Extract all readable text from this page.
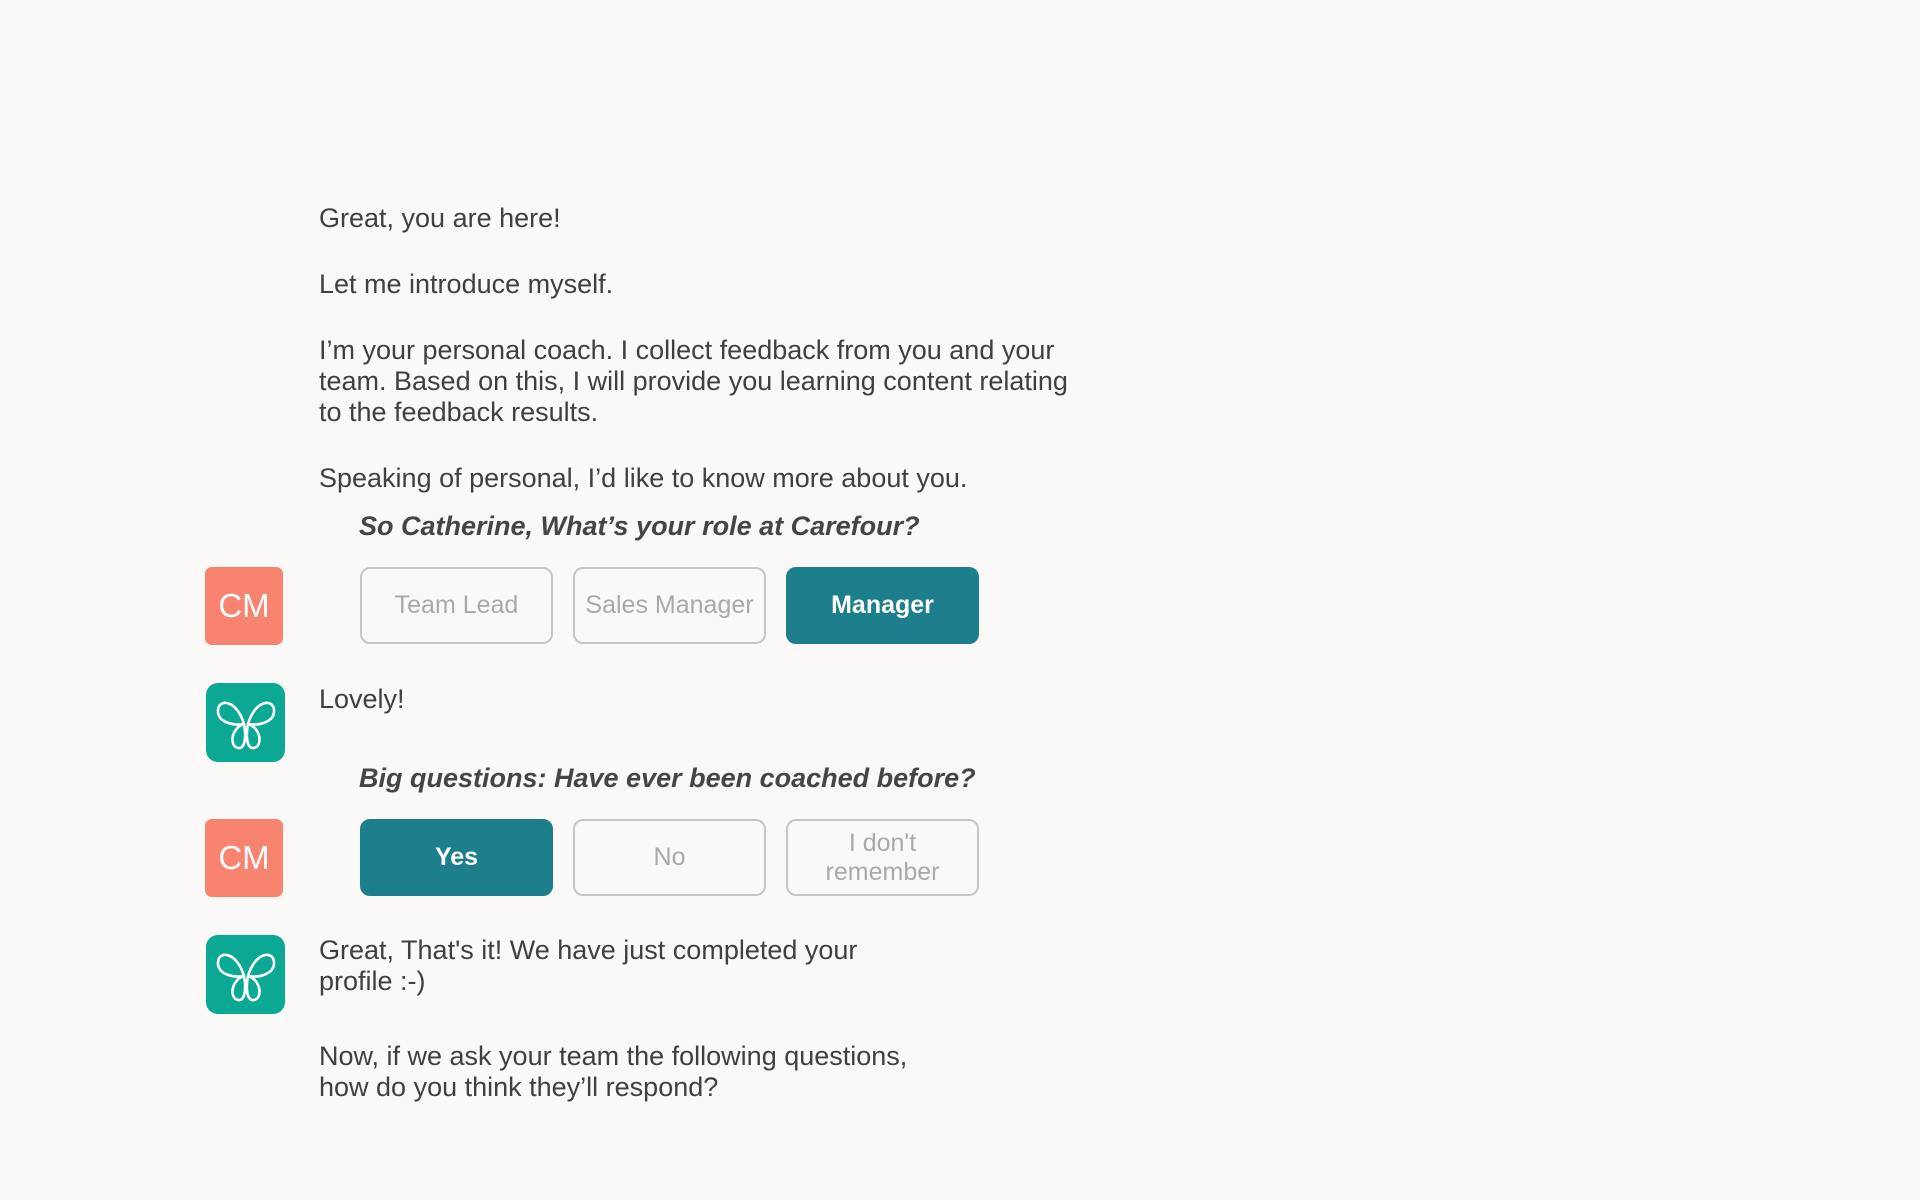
Great, you are here!
Let me introduce myself.
I’m your personal coach. I collect feedback from you and your
team. Based on this, I will provide you learning content relating
to the feedback results.
Speaking of personal, I’d like to know more about you.
So Catherine, What’s your role at Carefour?
CM	Team Lead	Sales Manager	Manager
Lovely!
Big questions: Have ever been coached before?
CM	Yes	No
I don't remember
Great, That's it! We have just completed your
profile :-)
Now, if we ask your team the following questions,
how do you think they’ll respond?
